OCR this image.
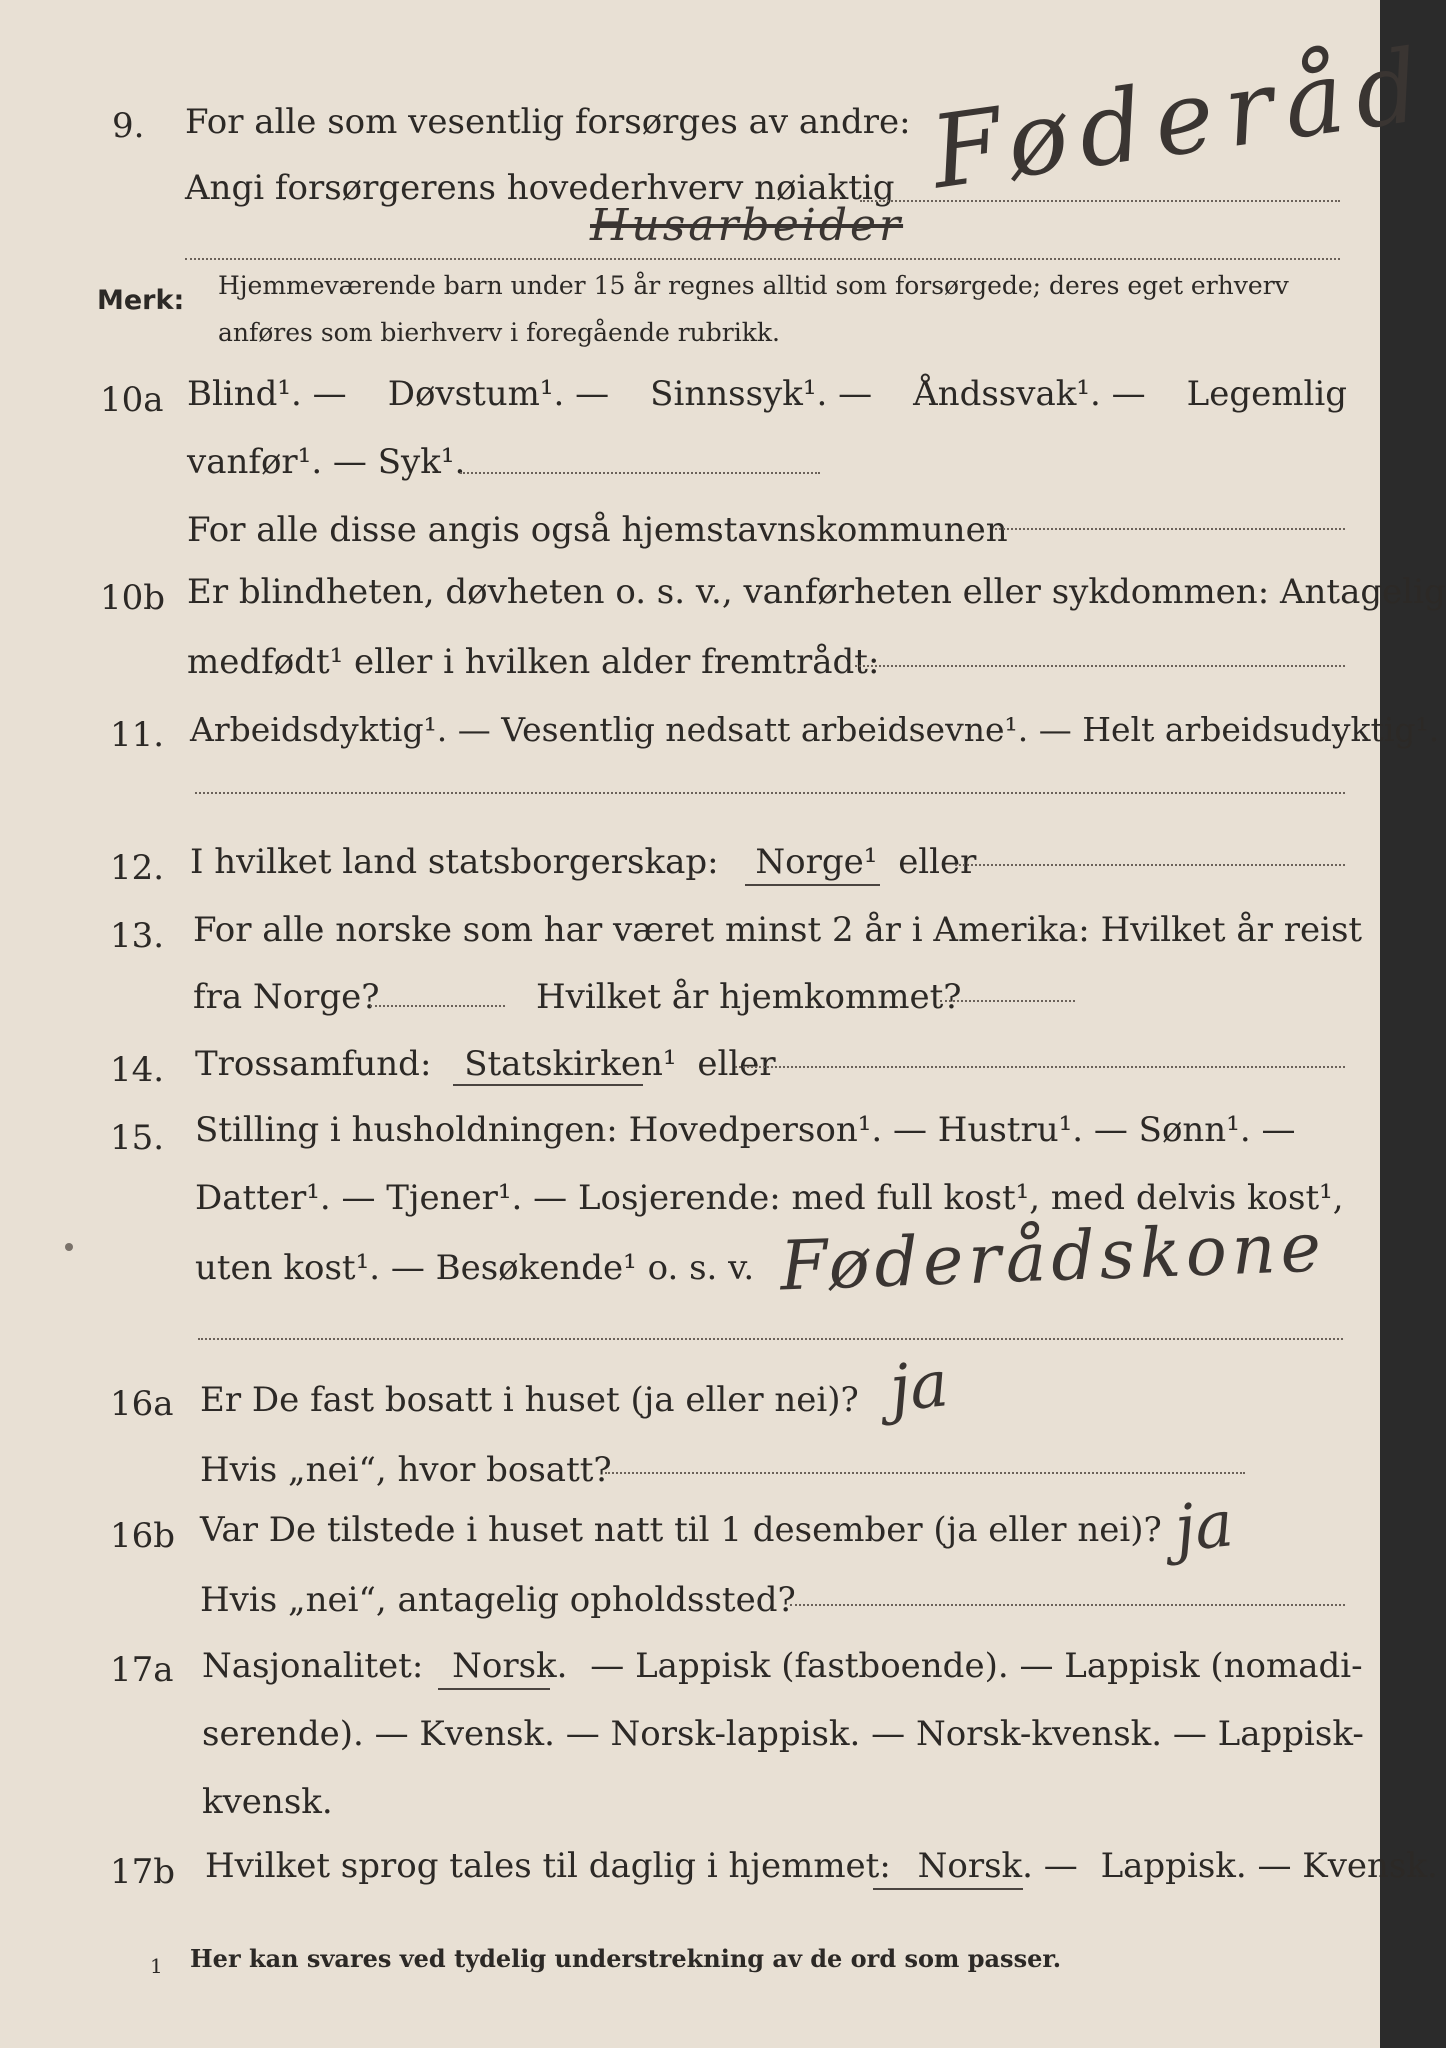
9. For alle som vesentlig forsørges av andre:
Angi forsørgerens hovederhverv nøiaktig Føderåd
Husarbeider
Merk: Hjemmeværende barn under 15 år regnes alltid som forsørgede; deres eget erhverv
anføres som bierhverv i foregående rubrikk.
10a Blind¹. — Døvstum¹. — Sinnssyk¹. — Åndssvak¹. — Legemlig
vanfør¹. — Syk¹.
For alle disse angis også hjemstavnskommunen
10b Er blindheten, døvheten o. s. v., vanførheten eller sykdommen: Antagelig
medfødt¹ eller i hvilken alder fremtrådt:
11. Arbeidsdyktig¹. — Vesentlig nedsatt arbeidsevne¹. — Helt arbeidsudyktig¹.
12. I hvilket land statsborgerskap: Norge¹ eller
13. For alle norske som har været minst 2 år i Amerika: Hvilket år reist
fra Norge?	Hvilket år hjemkommet?
14. Trossamfund: Statskirken¹ eller
15. Stilling i husholdningen: Hovedperson¹. — Hustru¹. — Sønn¹. —
Datter¹. — Tjener¹. — Losjerende: med full kost¹, med delvis kost¹,
uten kost¹. — Besøkende¹ o. s. v. Føderådskone
16a Er De fast bosatt i huset (ja eller nei)? ja
Hvis „nei“, hvor bosatt?
16b Var De tilstede i huset natt til 1 desember (ja eller nei)? ja
Hvis „nei“, antagelig opholdssted?
17a Nasjonalitet: Norsk. — Lappisk (fastboende). — Lappisk (nomadi-
serende). — Kvensk. — Norsk-lappisk. — Norsk-kvensk. — Lappisk-
kvensk.
17b Hvilket sprog tales til daglig i hjemmet: Norsk. — Lappisk. — Kvensk.
1 Her kan svares ved tydelig understrekning av de ord som passer.
